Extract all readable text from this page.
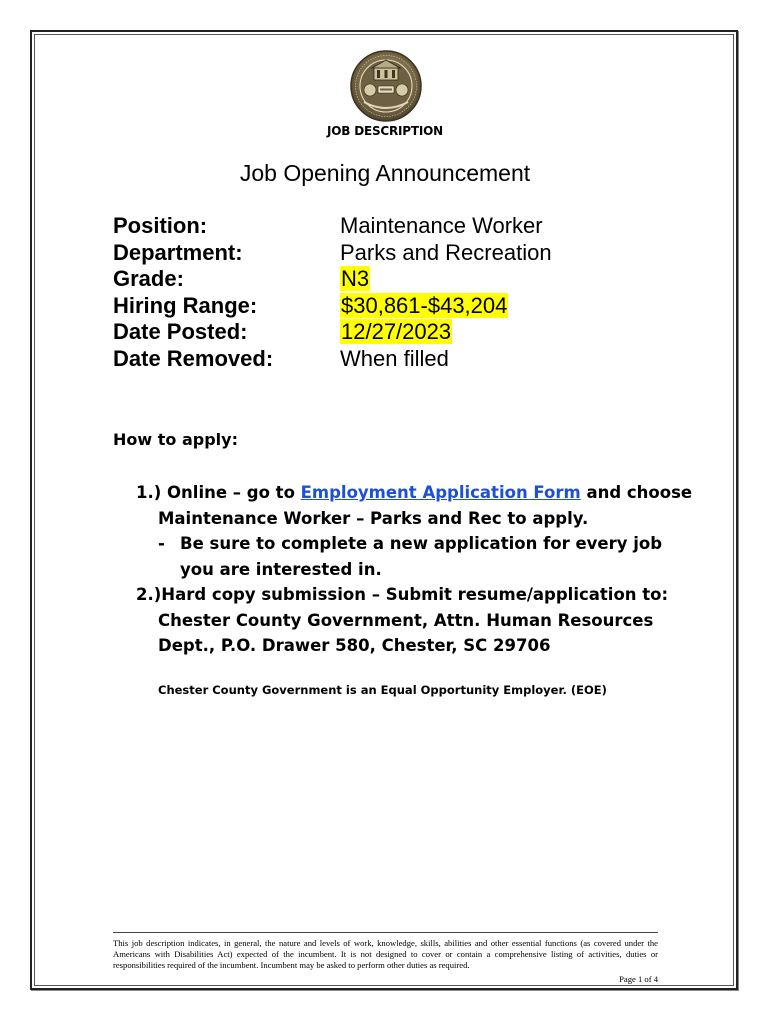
JOB DESCRIPTION
Job Opening Announcement
Position:	Maintenance Worker
Department:	Parks and Recreation
Grade:	N3
Hiring Range:	$30,861-$43,204
Date Posted:	12/27/2023
Date Removed:	When filled
How to apply:
1.) Online – go to Employment Application Form and choose
Maintenance Worker – Parks and Rec to apply.
- Be sure to complete a new application for every job
you are interested in.
2.)Hard copy submission – Submit resume/application to:
Chester County Government, Attn. Human Resources
Dept., P.O. Drawer 580, Chester, SC 29706
Chester County Government is an Equal Opportunity Employer. (EOE)
This job description indicates, in general, the nature and levels of work, knowledge, skills, abilities and other essential functions (as covered under the Americans with Disabilities Act) expected of the incumbent. It is not designed to cover or contain a comprehensive listing of activities, duties or responsibilities required of the incumbent. Incumbent may be asked to perform other duties as required.
Page 1 of 4
